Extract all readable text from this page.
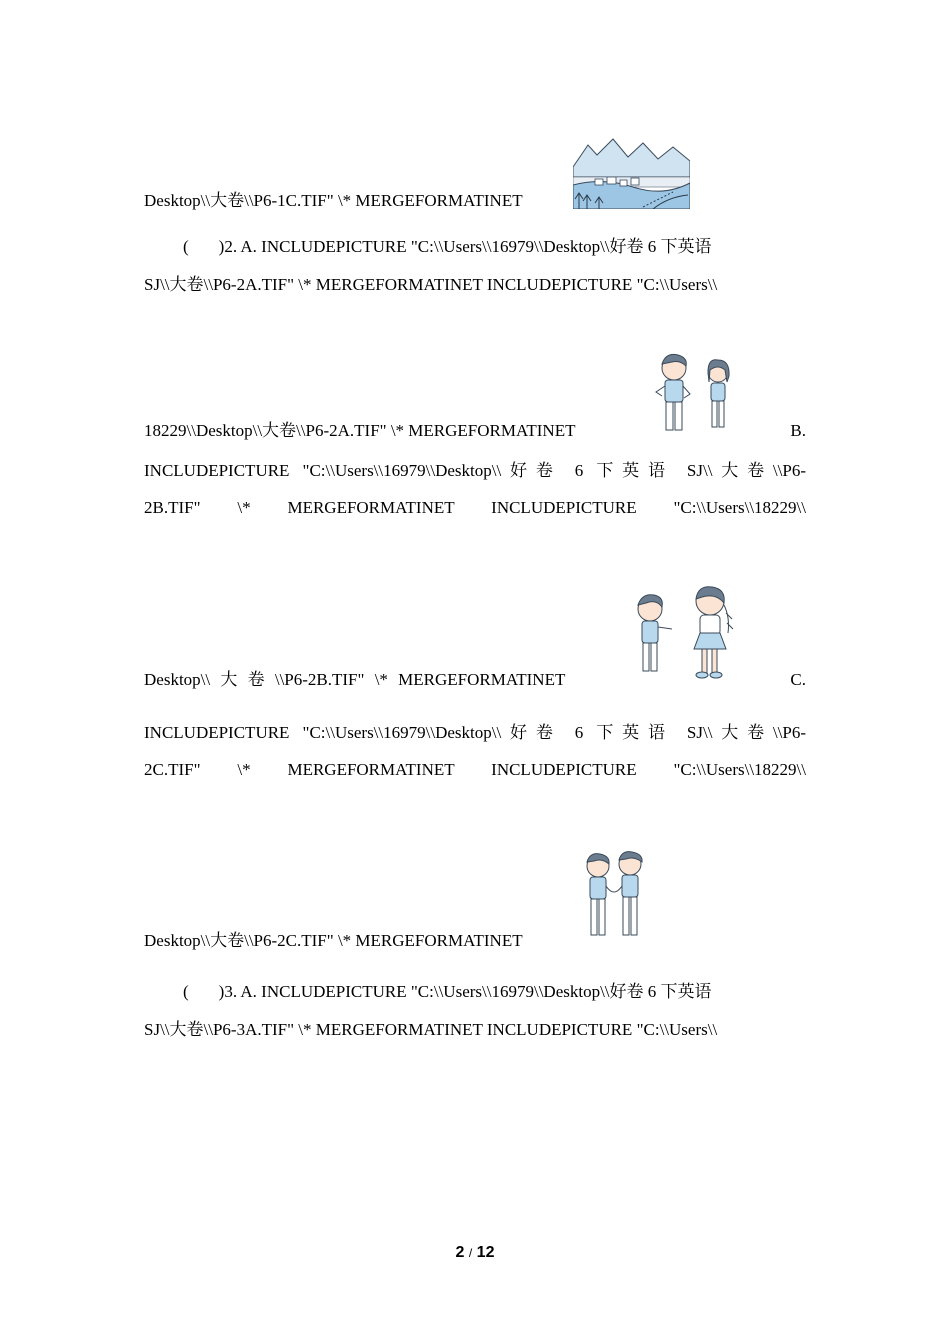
Desktop\\大卷\\P6-1C.TIF" \* MERGEFORMATINET
( )2. A. INCLUDEPICTURE "C:\\Users\\16979\\Desktop\\好卷 6 下英语
SJ\\大卷\\P6-2A.TIF" \* MERGEFORMATINET INCLUDEPICTURE "C:\\Users\\
18229\\Desktop\\大卷\\P6-2A.TIF" \* MERGEFORMATINET	B.
INCLUDEPICTURE "C:\\Users\\16979\\Desktop\\好卷 6 下英语 SJ\\大卷\\P6-
2B.TIF" \* MERGEFORMATINET INCLUDEPICTURE "C:\\Users\\18229\\
Desktop\\ 大 卷 \\P6-2B.TIF" \* MERGEFORMATINET	C.
INCLUDEPICTURE "C:\\Users\\16979\\Desktop\\好卷 6 下英语 SJ\\大卷\\P6-
2C.TIF" \* MERGEFORMATINET INCLUDEPICTURE "C:\\Users\\18229\\
Desktop\\大卷\\P6-2C.TIF" \* MERGEFORMATINET
( )3. A. INCLUDEPICTURE "C:\\Users\\16979\\Desktop\\好卷 6 下英语
SJ\\大卷\\P6-3A.TIF" \* MERGEFORMATINET INCLUDEPICTURE "C:\\Users\\
2 / 12
